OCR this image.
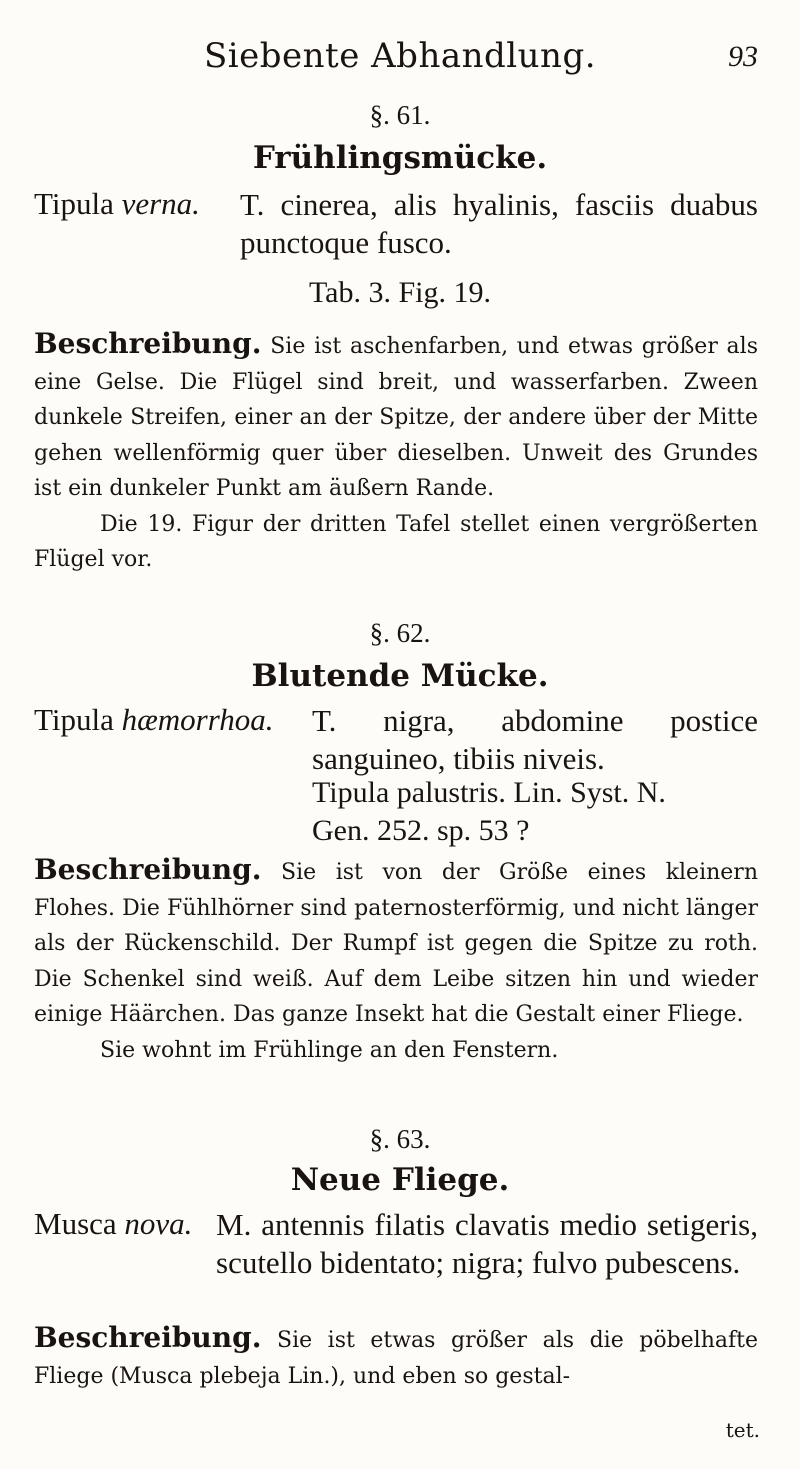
Siebente Abhandlung.	93
§. 61.
Frühlingsmücke.
Tipula verna. T. cinerea, alis hyalinis, fasciis duabus punctoque fusco.
Tab. 3. Fig. 19.

Beschreibung. Sie ist aschenfarben, und etwas größer als eine Gelse. Die Flügel sind breit, und wasserfarben. Zween dunkele Streifen, einer an der Spitze, der andere über der Mitte gehen wellenförmig quer über dieselben. Unweit des Grundes ist ein dunkeler Punkt am äußern Rande.

Die 19. Figur der dritten Tafel stellet einen vergrößerten Flügel vor.

§. 62.
Blutende Mücke.
Tipula hæmorrhoa. T. nigra, abdomine postice sanguineo, tibiis niveis.
Tipula palustris. Lin. Syst. N.
Gen. 252. sp. 53 ?

Beschreibung. Sie ist von der Größe eines kleinern Flohes. Die Fühlhörner sind paternosterförmig, und nicht länger als der Rückenschild. Der Rumpf ist gegen die Spitze zu roth. Die Schenkel sind weiß. Auf dem Leibe sitzen hin und wieder einige Häärchen. Das ganze Insekt hat die Gestalt einer Fliege.

Sie wohnt im Frühlinge an den Fenstern.

§. 63.
Neue Fliege.
Musca nova. M. antennis filatis clavatis medio setigeris, scutello bidentato; nigra; fulvo pubescens.

Beschreibung. Sie ist etwas größer als die pöbelhafte Fliege (Musca plebeja Lin.), und eben so gestal-

tet.
